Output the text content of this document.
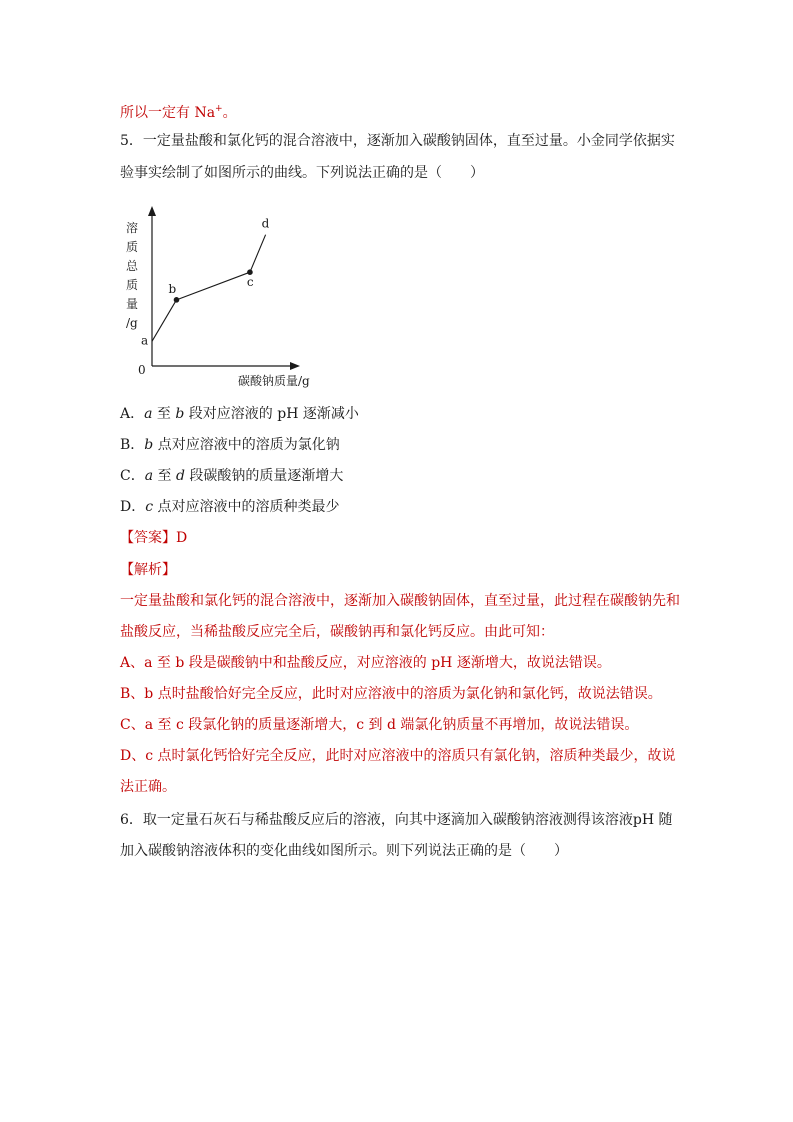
所以一定有 Na+。
5．一定量盐酸和氯化钙的混合溶液中，逐渐加入碳酸钠固体，直至过量。小金同学依据实
验事实绘制了如图所示的曲线。下列说法正确的是（　　）
0
碳酸钠质量/g
溶
质
总
质
量
/g
a
b	c
d
A．a 至 b 段对应溶液的 pH 逐渐减小
B．b 点对应溶液中的溶质为氯化钠
C．a 至 d 段碳酸钠的质量逐渐增大
D．c 点对应溶液中的溶质种类最少
【答案】D
【解析】
一定量盐酸和氯化钙的混合溶液中，逐渐加入碳酸钠固体，直至过量，此过程在碳酸钠先和
盐酸反应，当稀盐酸反应完全后，碳酸钠再和氯化钙反应。由此可知：
A、a 至 b 段是碳酸钠中和盐酸反应，对应溶液的 pH 逐渐增大，故说法错误。
B、b 点时盐酸恰好完全反应，此时对应溶液中的溶质为氯化钠和氯化钙，故说法错误。
C、a 至 c 段氯化钠的质量逐渐增大，c 到 d 端氯化钠质量不再增加，故说法错误。
D、c 点时氯化钙恰好完全反应，此时对应溶液中的溶质只有氯化钠，溶质种类最少，故说
法正确。
6．取一定量石灰石与稀盐酸反应后的溶液，向其中逐滴加入碳酸钠溶液测得该溶液pH 随
加入碳酸钠溶液体积的变化曲线如图所示。则下列说法正确的是（　　）
